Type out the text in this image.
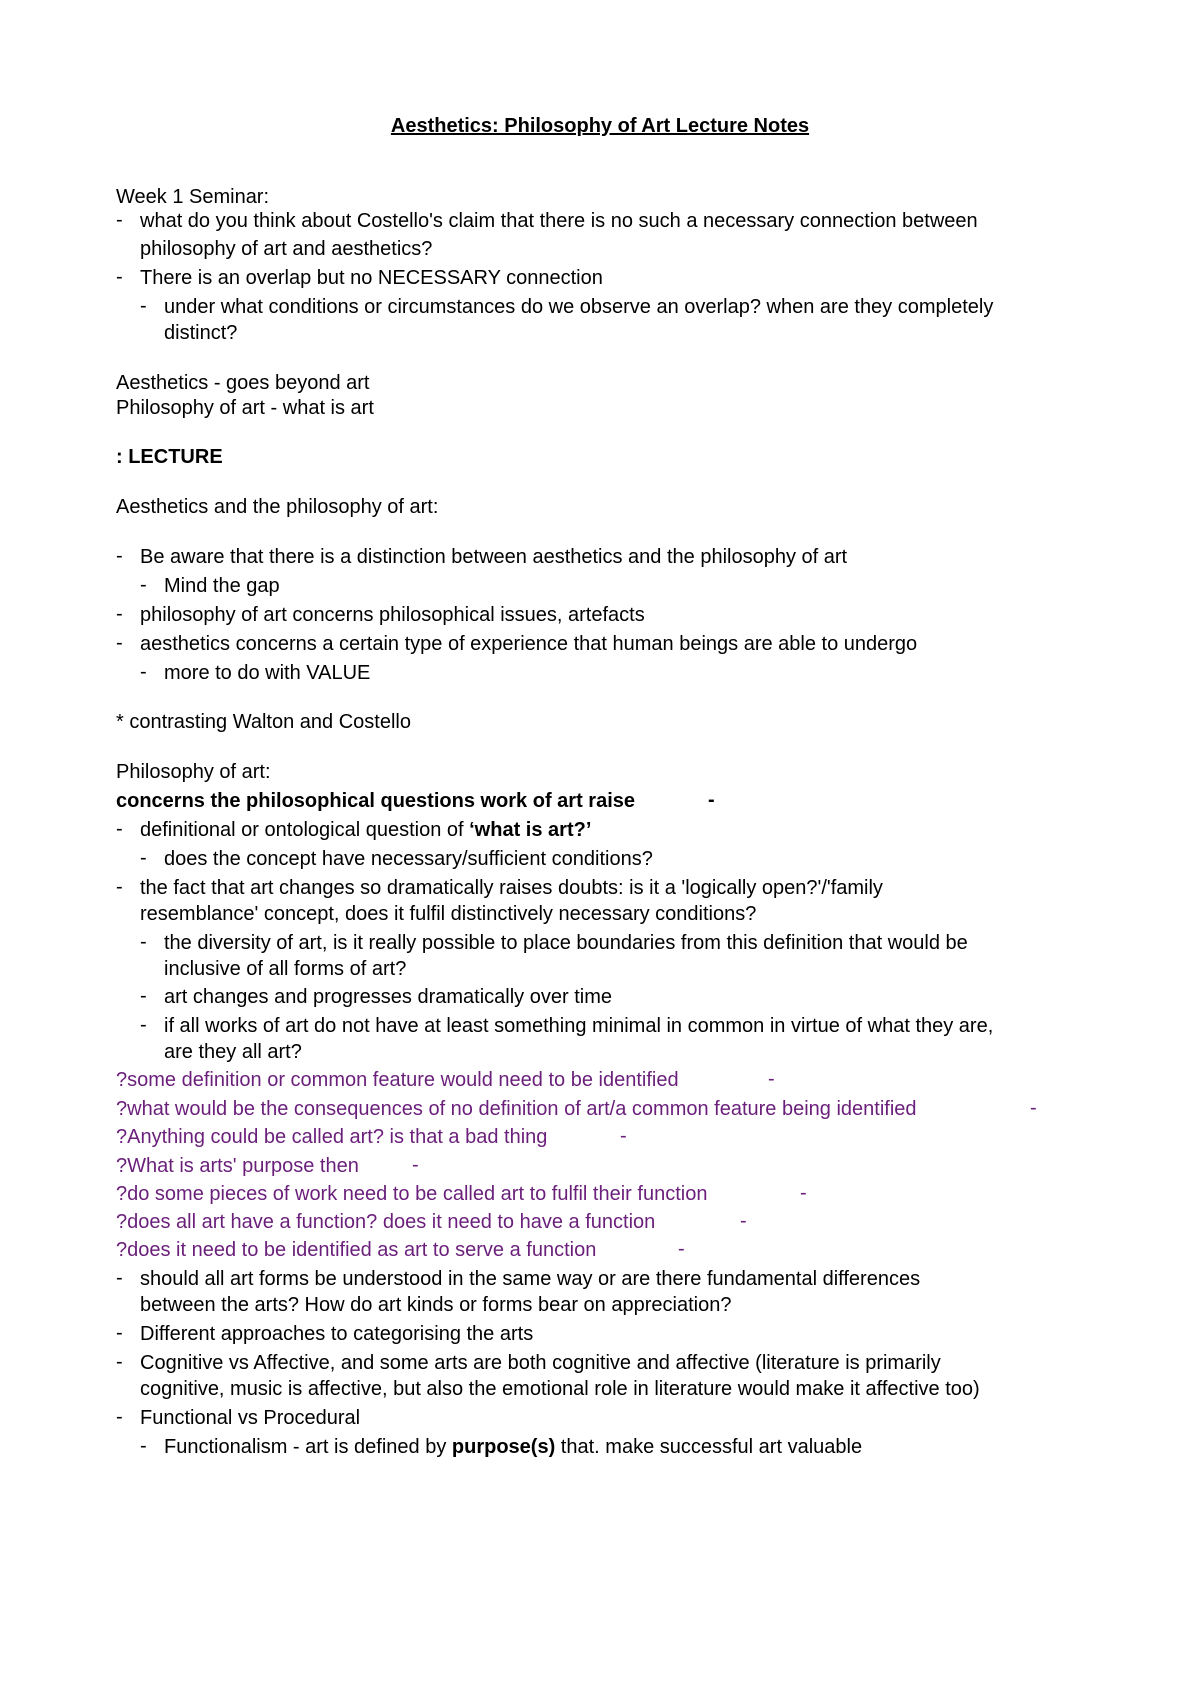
Aesthetics: Philosophy of Art Lecture Notes
Week 1 Seminar:
- what do you think about Costello's claim that there is no such a necessary connection between
philosophy of art and aesthetics?
- There is an overlap but no NECESSARY connection
- under what conditions or circumstances do we observe an overlap? when are they completely
distinct?
Aesthetics - goes beyond art
Philosophy of art - what is art
: LECTURE
Aesthetics and the philosophy of art:
- Be aware that there is a distinction between aesthetics and the philosophy of art
- Mind the gap
- philosophy of art concerns philosophical issues, artefacts
- aesthetics concerns a certain type of experience that human beings are able to undergo
- more to do with VALUE
* contrasting Walton and Costello
Philosophy of art:
concerns the philosophical questions work of art raise	-
- definitional or ontological question of ‘what is art?’
- does the concept have necessary/sufficient conditions?
- the fact that art changes so dramatically raises doubts: is it a 'logically open?'/'family
resemblance' concept, does it fulfil distinctively necessary conditions?
- the diversity of art, is it really possible to place boundaries from this definition that would be
inclusive of all forms of art?
- art changes and progresses dramatically over time
- if all works of art do not have at least something minimal in common in virtue of what they are,
are they all art?
?some definition or common feature would need to be identified	-
?what would be the consequences of no definition of art/a common feature being identified	-
?Anything could be called art? is that a bad thing	-
?What is arts' purpose then	-
?do some pieces of work need to be called art to fulfil their function	-
?does all art have a function? does it need to have a function	-
?does it need to be identified as art to serve a function	-
- should all art forms be understood in the same way or are there fundamental differences
between the arts? How do art kinds or forms bear on appreciation?
- Different approaches to categorising the arts
- Cognitive vs Affective, and some arts are both cognitive and affective (literature is primarily
cognitive, music is affective, but also the emotional role in literature would make it affective too)
- Functional vs Procedural
- Functionalism - art is defined by purpose(s) that. make successful art valuable
